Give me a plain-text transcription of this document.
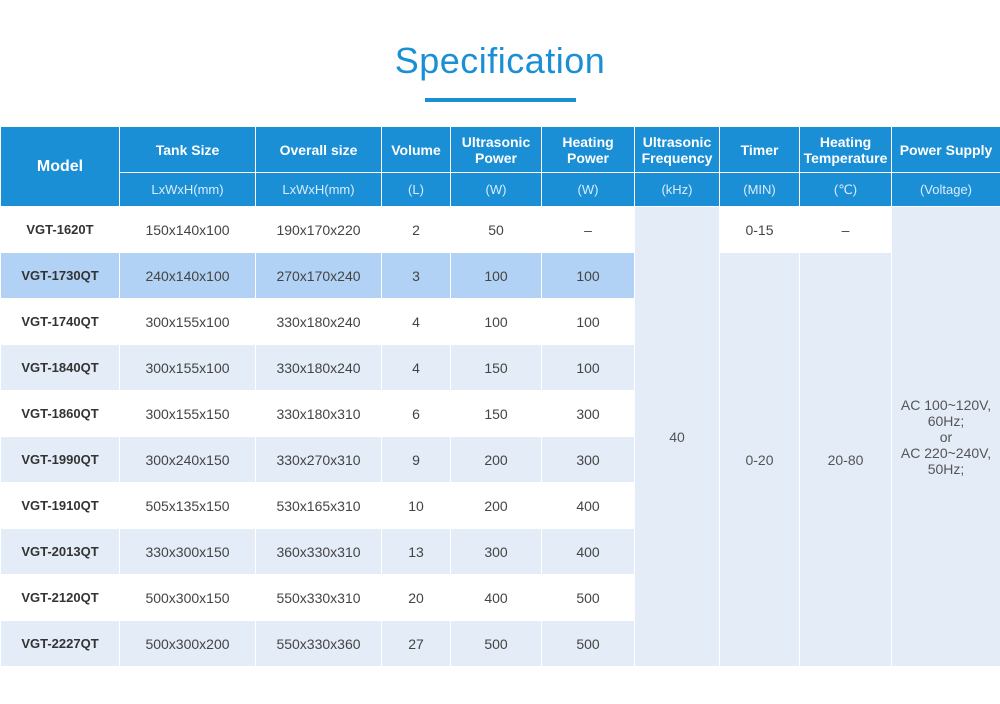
Specification
Model	Tank Size	Overall size	Volume	Ultrasonic Power	Heating Power	Ultrasonic Frequency	Timer	Heating Temperature	Power Supply
	LxWxH(mm)	LxWxH(mm)	(L)	(W)	(W)	(kHz)	(MIN)	(℃)	(Voltage)
VGT-1620T	150x140x100	190x170x220	2	50	–	40	0-15	–	AC 100~120V,
60Hz;
or
AC 220~240V,
50Hz;

VGT-1730QT	240x140x100	270x170x240	3	100	100		0-20	20-80	
VGT-1740QT	300x155x100	330x180x240	4	100	100				
VGT-1840QT	300x155x100	330x180x240	4	150	100				
VGT-1860QT	300x155x150	330x180x310	6	150	300				
VGT-1990QT	300x240x150	330x270x310	9	200	300				
VGT-1910QT	505x135x150	530x165x310	10	200	400				
VGT-2013QT	330x300x150	360x330x310	13	300	400				
VGT-2120QT	500x300x150	550x330x310	20	400	500				
VGT-2227QT	500x300x200	550x330x360	27	500	500				
